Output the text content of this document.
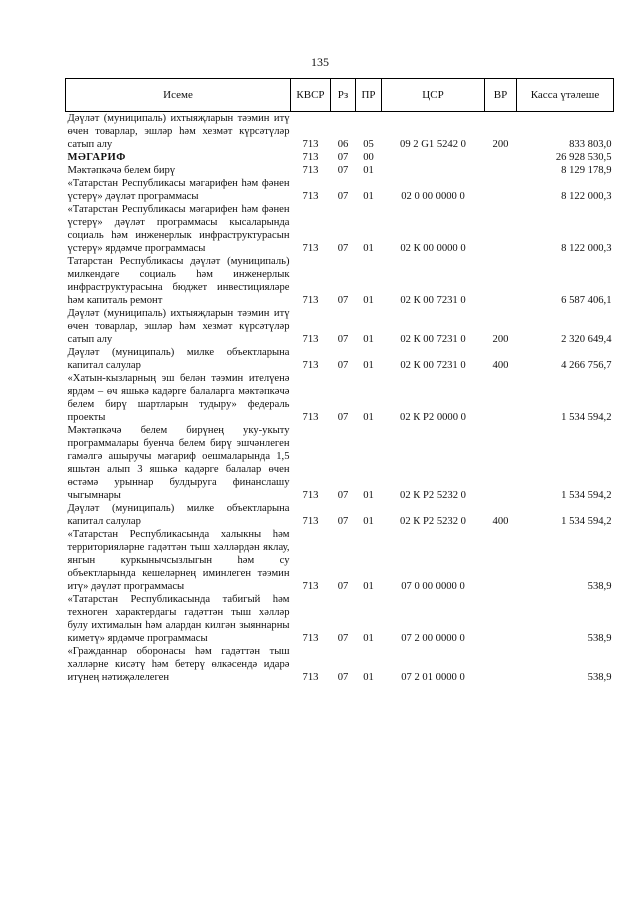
135
Исеме	КВСР	Рз	ПР	ЦСР	ВР	Касса үтәлеше
Дәүләт (муниципаль) ихтыяҗларын тәэмин итү өчен товарлар, эшләр һәм хезмәт күрсәтүләр сатып алу	713	06	05	09 2 G1 5242 0	200	833 803,0
МӘГАРИФ	713	07	00			26 928 530,5
Мәктәпкәчә белем бирү	713	07	01			8 129 178,9
«Татарстан Республикасы мәгарифен һәм фәнен үстерү» дәүләт программасы	713	07	01	02 0 00 0000 0		8 122 000,3
«Татарстан Республикасы мәгарифен һәм фәнен үстерү» дәүләт программасы кысаларында социаль һәм инженерлык инфраструктурасын үстерү» ярдәмче программасы	713	07	01	02 К 00 0000 0		8 122 000,3
Татарстан Республикасы дәүләт (муниципаль) милкендәге социаль һәм инженерлык инфраструктурасына бюджет инвестицияләре һәм капиталь ремонт	713	07	01	02 К 00 7231 0		6 587 406,1
Дәүләт (муниципаль) ихтыяҗларын тәэмин итү өчен товарлар, эшләр һәм хезмәт күрсәтүләр сатып алу	713	07	01	02 К 00 7231 0	200	2 320 649,4
Дәүләт (муниципаль) милке объектларына капитал салулар	713	07	01	02 К 00 7231 0	400	4 266 756,7
«Хатын-кызларның эш белән тәэмин ителүенә ярдәм – өч яшькә кадәрге балаларга мәктәпкәчә белем бирү шартларын тудыру» федераль проекты	713	07	01	02 К Р2 0000 0		1 534 594,2
Мәктәпкәчә белем бирүнең уку-укыту программалары буенча белем бирү эшчәнлеген гамәлгә ашыручы мәгариф оешмаларында 1,5 яшьтән алып 3 яшькә кадәрге балалар өчен өстәмә урыннар булдыруга финанслашу чыгымнары	713	07	01	02 К Р2 5232 0		1 534 594,2
Дәүләт (муниципаль) милке объектларына капитал салулар	713	07	01	02 К Р2 5232 0	400	1 534 594,2
«Татарстан Республикасында халыкны һәм территорияләрне гадәттән тыш хәлләрдән яклау, янгын куркынычсызлыгын һәм су объектларында кешеләрнең иминлеген тәэмин итү» дәүләт программасы	713	07	01	07 0 00 0000 0		538,9
«Татарстан Республикасында табигый һәм техноген характердагы гадәттән тыш хәлләр булу ихтималын һәм алардан килгән зыяннарны киметү» ярдәмче программасы	713	07	01	07 2 00 0000 0		538,9
«Гражданнар оборонасы һәм гадәттән тыш хәлләрне кисәтү һәм бетерү өлкәсендә идарә итүнең нәтиҗәлелеген	713	07	01	07 2 01 0000 0		538,9
